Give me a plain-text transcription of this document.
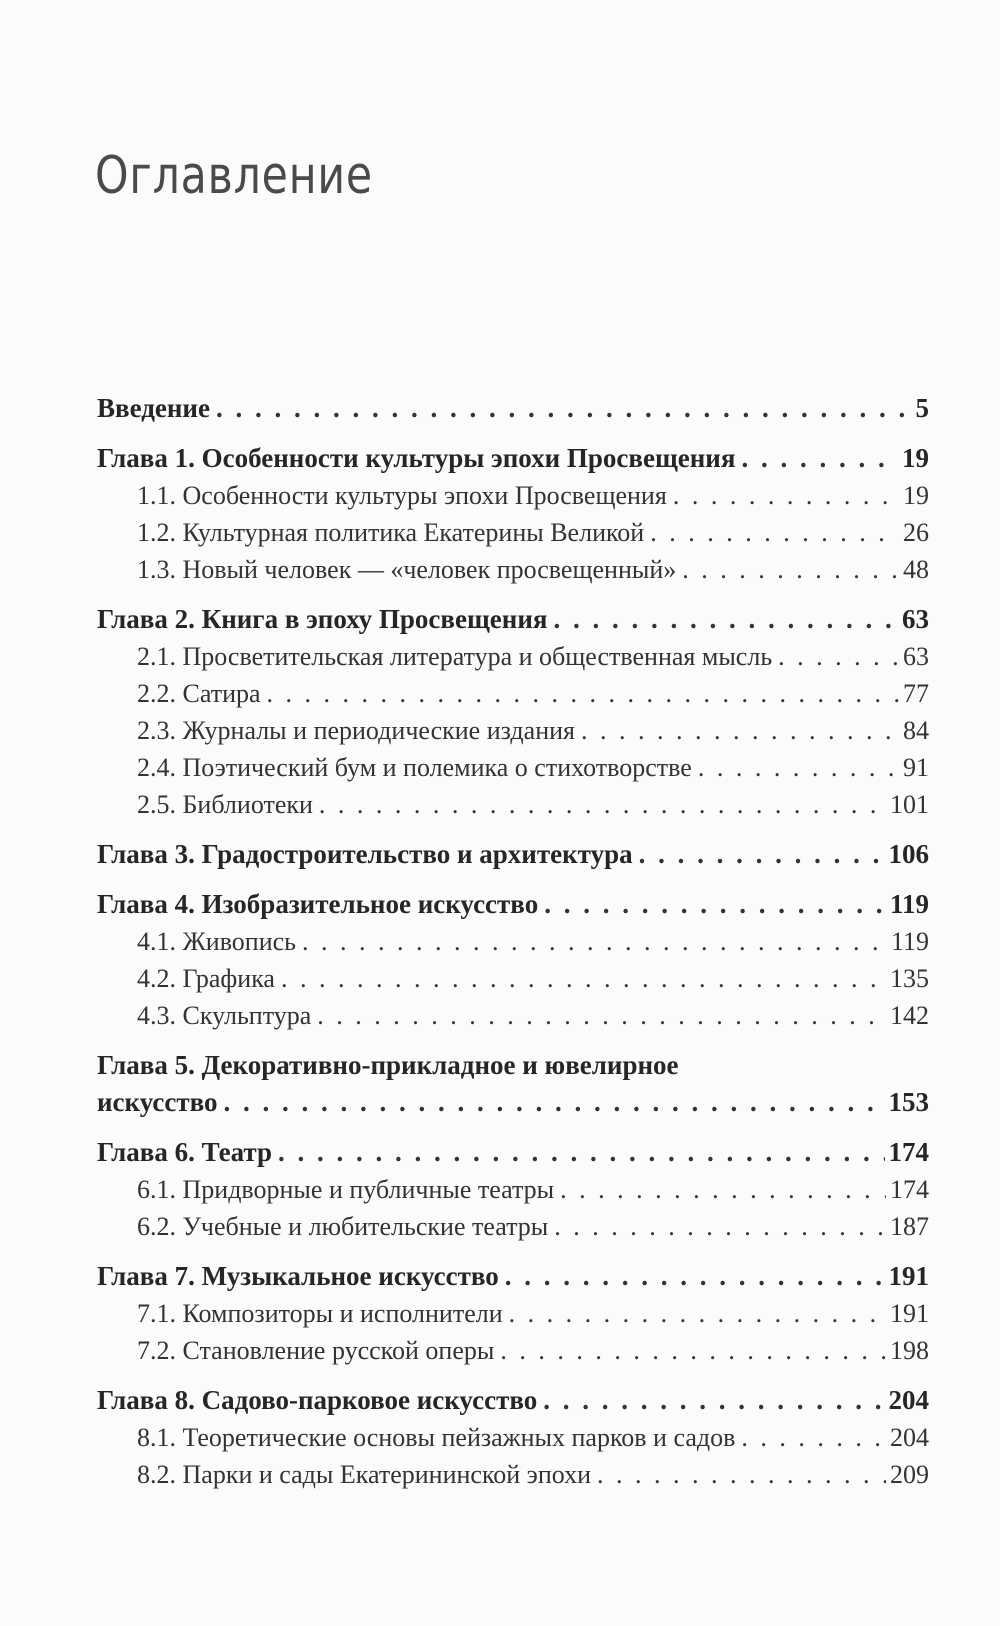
Оглавление
Введение . . .	5
Глава 1. Особенности культуры эпохи Просвещения . . .	19
1.1. Особенности культуры эпохи Просвещения . . .	19
1.2. Культурная политика Екатерины Великой . . .	26
1.3. Новый человек — «человек просвещенный» . . .	48
Глава 2. Книга в эпоху Просвещения . . .	63
2.1. Просветительская литература и общественная мысль . . .	63
2.2. Сатира . . .	77
2.3. Журналы и периодические издания . . .	84
2.4. Поэтический бум и полемика о стихотворстве . . .	91
2.5. Библиотеки . . .	101
Глава 3. Градостроительство и архитектура . . .	106
Глава 4. Изобразительное искусство . . .	119
4.1. Живопись . . .	119
4.2. Графика . . .	135
4.3. Скульптура . . .	142
Глава 5. Декоративно-прикладное и ювелирное
искусство . . .	153
Глава 6. Театр . . .	174
6.1. Придворные и публичные театры . . .	174
6.2. Учебные и любительские театры . . .	187
Глава 7. Музыкальное искусство . . .	191
7.1. Композиторы и исполнители . . .	191
7.2. Становление русской оперы . . .	198
Глава 8. Садово-парковое искусство . . .	204
8.1. Теоретические основы пейзажных парков и садов . . .	204
8.2. Парки и сады Екатерининской эпохи . . .	209
